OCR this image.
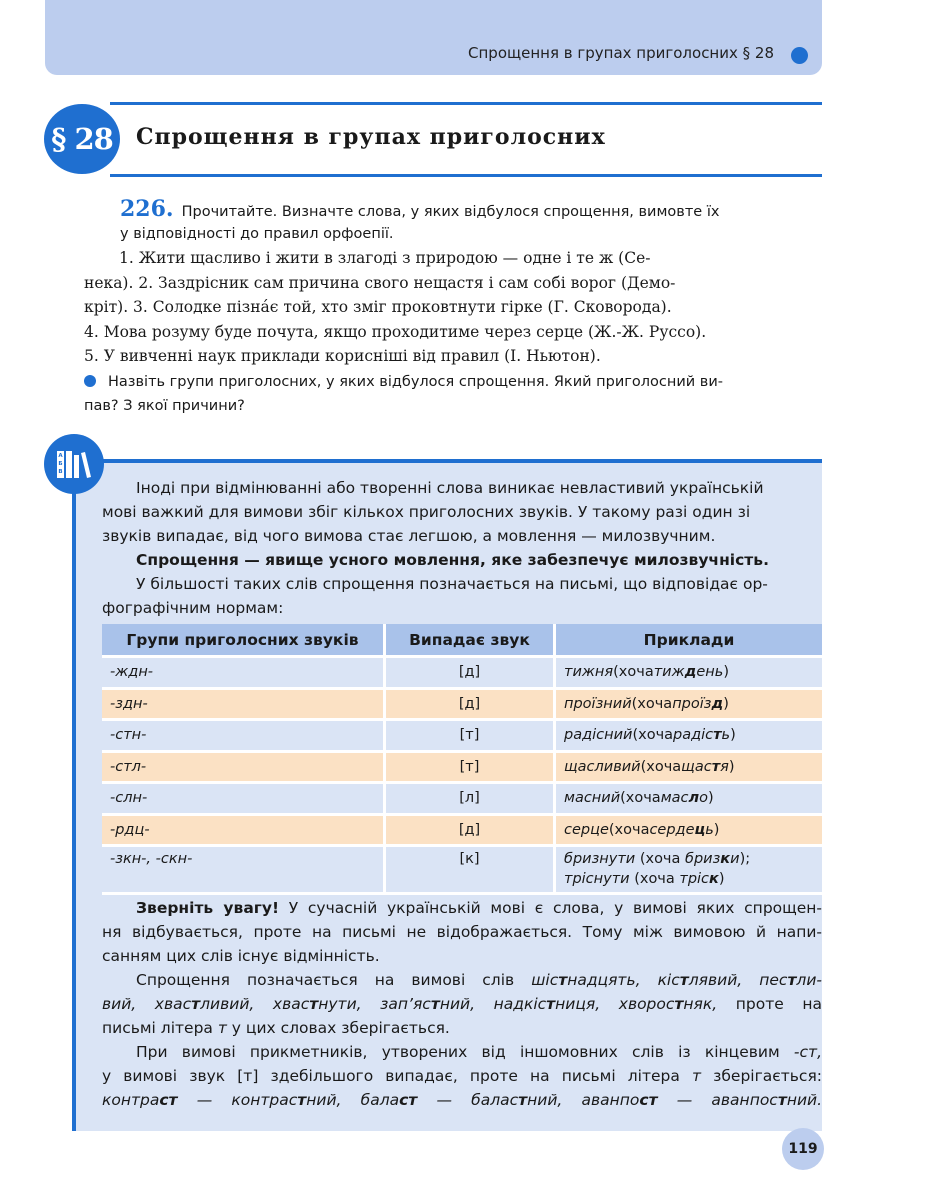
Спрощення в групах приголосних § 28
§ 28	Спрощення в групах приголосних
226. Прочитайте. Визначте слова, у яких відбулося спрощення, вимовте їх
у відповідності до правил орфоепії.

1. Жити щасливо і жити в злагоді з природою — одне і те ж (Се-

нека). 2. Заздрісник сам причина свого нещастя і сам собі ворог (Демо-

кріт). 3. Солодке пізна́є той, хто зміг проковтнути гірке (Г. Сковорода).

4. Мова розуму буде почута, якщо проходитиме через серце (Ж.-Ж. Руссо).

5. У вивченні наук приклади корисніші від правил (І. Ньютон).

Назвіть групи приголосних, у яких відбулося спрощення. Який приголосний ви-
пав? З якої причини?
А
Б
В

Іноді при відмінюванні або творенні слова виникає невластивий українській

мові важкий для вимови збіг кількох приголосних звуків. У такому разі один зі

звуків випадає, від чого вимова стає легшою, а мовлення — милозвучним.

Спрощення — явище усного мовлення, яке забезпечує милозвучність.

У більшості таких слів спрощення позначається на письмі, що відповідає ор-

фографічним нормам:

Групи приголосних звуків	Випадає звук	Приклади
-ждн-	[д]	тижня (хоча тиж д ень )
-здн-	[д]	проїзний (хоча проїз д )
-стн-	[т]	радісний (хоча радіс т ь )
-стл-	[т]	щасливий (хоча щас т я )
-слн-	[л]	масний (хоча мас л о )
-рдц-	[д]	серце (хоча серде ц ь )
-зкн-, -скн-	[к]	бризнути (хоча бризки);
тріснути (хоча тріск)

Зверніть увагу! У сучасній українській мові є слова, у вимові яких спрощен-

ня відбувається, проте на письмі не відображається. Тому між вимовою й напи-

санням цих слів існує відмінність.

Спрощення позначається на вимові слів шістнадцять, кістлявий, пестли-

вий, хвастливий, хвастнути, зап’ястний, надкістниця, хворостняк, проте на

письмі літера т у цих словах зберігається.

При вимові прикметників, утворених від іншомовних слів із кінцевим -ст,

у вимові звук [т] здебільшого випадає, проте на письмі літера т зберігається:

контраст — контрастний, баласт — баластний, аванпост — аванпостний.

119
